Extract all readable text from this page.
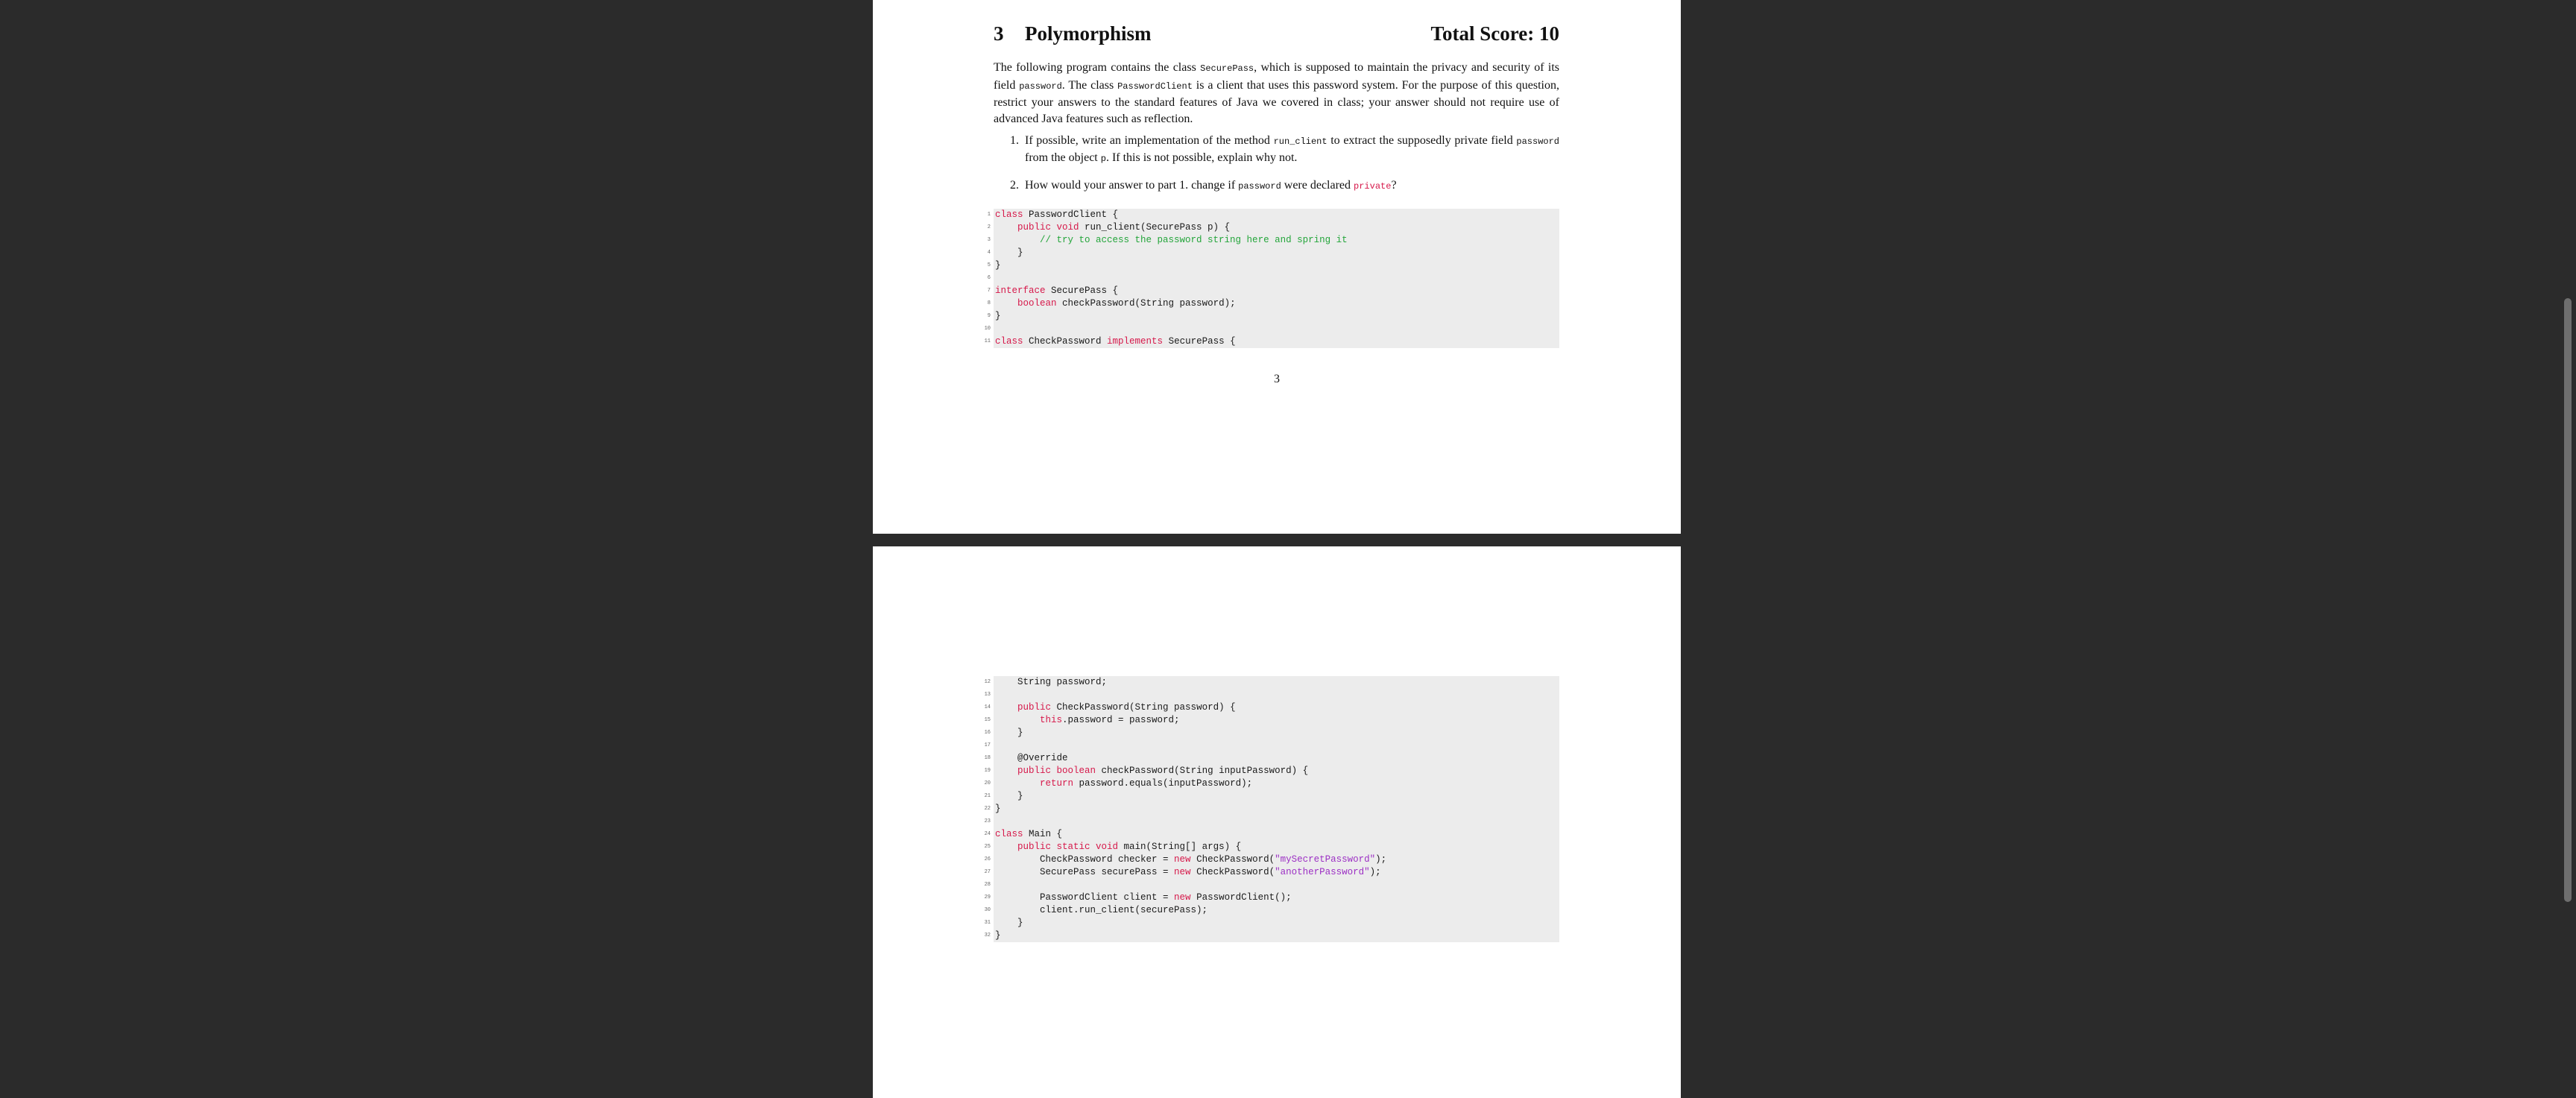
3 Polymorphism	Total Score: 10
The following program contains the class SecurePass, which is supposed to maintain the privacy and security of its field password. The class PasswordClient is a client that uses this password system. For the purpose of this question, restrict your answers to the standard features of Java we covered in class; your answer should not require use of advanced Java features such as reflection.
1. If possible, write an implementation of the method run_client to extract the supposedly private field password from the object p. If this is not possible, explain why not.
2. How would your answer to part 1. change if password were declared private?
1 class PasswordClient {
2	public void run_client(SecurePass p) {
3	// try to access the password string here and spring it
4 }
5 }
6
7 interface SecurePass {
8	boolean checkPassword(String password);
9 }
10
11 class CheckPassword implements SecurePass {
3
12 String password;
13
14	public CheckPassword(String password) {
15	this.password = password;
16 }
17
18 @Override
19	public boolean checkPassword(String inputPassword) {
20	return password.equals(inputPassword);
21 }
22 }
23
24 class Main {
25	public static void main(String[] args) {
26 CheckPassword checker = new CheckPassword("mySecretPassword");
27 SecurePass securePass = new CheckPassword("anotherPassword");
28
29 PasswordClient client = new PasswordClient();
30 client.run_client(securePass);
31 }
32 }
